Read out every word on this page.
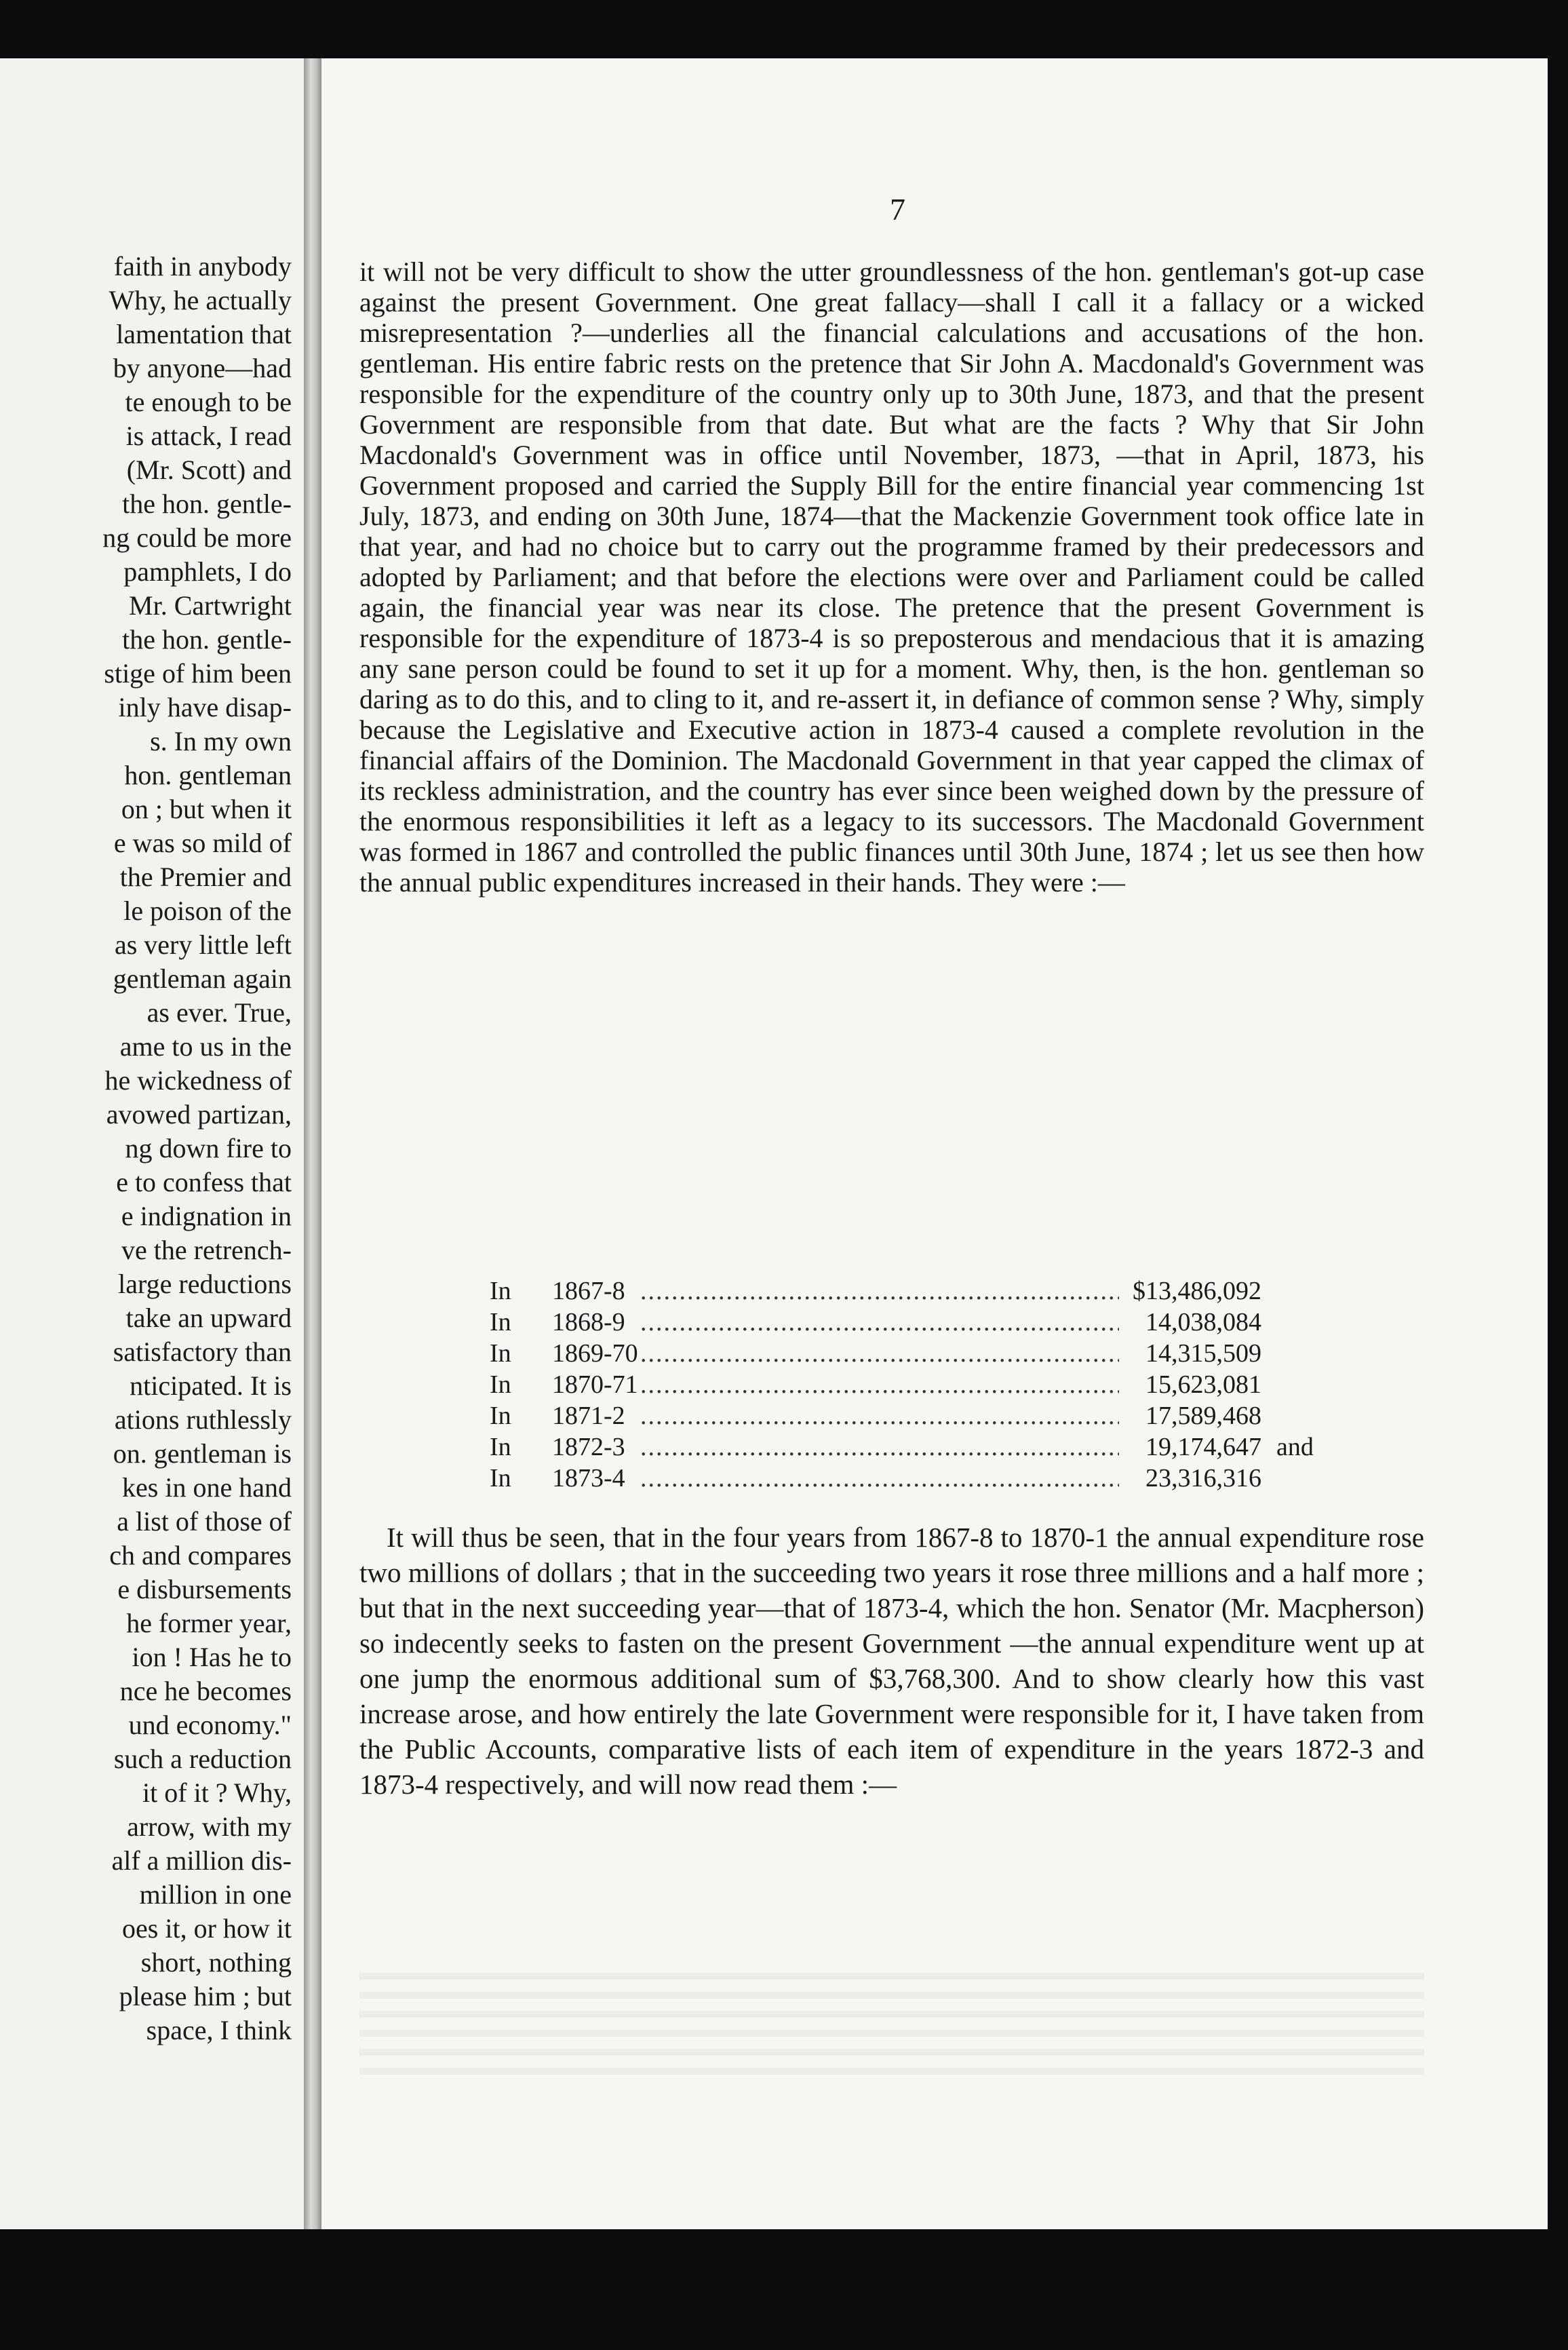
faith in anybody
Why, he actually
lamentation that
by anyone—had
te enough to be
is attack, I read
(Mr. Scott) and
the hon. gentle-
ng could be more
pamphlets, I do
Mr. Cartwright
the hon. gentle-
stige of him been
inly have disap-
s. In my own
hon. gentleman
on ; but when it
e was so mild of
the Premier and
le poison of the
as very little left
gentleman again
as ever. True,
ame to us in the
he wickedness of
avowed partizan,
ng down fire to
e to confess that
e indignation in
ve the retrench-
large reductions
take an upward
satisfactory than
nticipated. It is
ations ruthlessly
on. gentleman is
kes in one hand
a list of those of
ch and compares
e disbursements
he former year,
ion ! Has he to
nce he becomes
und economy."
such a reduction
it of it ? Why,
arrow, with my
alf a million dis-
million in one
oes it, or how it
short, nothing
please him ; but
space, I think
7

it will not be very difficult to show the utter groundlessness of the hon. gentleman's got-up case against the present Government. One great fallacy—shall I call it a fallacy or a wicked misrepresentation ?—underlies all the financial calculations and accusations of the hon. gentleman. His entire fabric rests on the pretence that Sir John A. Macdonald's Government was responsible for the expenditure of the country only up to 30th June, 1873, and that the present Government are responsible from that date. But what are the facts ? Why that Sir John Macdonald's Government was in office until November, 1873, —that in April, 1873, his Government proposed and carried the Supply Bill for the entire financial year commencing 1st July, 1873, and ending on 30th June, 1874—that the Mackenzie Government took office late in that year, and had no choice but to carry out the programme framed by their predecessors and adopted by Parliament; and that before the elections were over and Parliament could be called again, the financial year was near its close. The pretence that the present Government is responsible for the expenditure of 1873-4 is so preposterous and mendacious that it is amazing any sane person could be found to set it up for a moment. Why, then, is the hon. gentleman so daring as to do this, and to cling to it, and re-assert it, in defiance of common sense ? Why, simply because the Legislative and Executive action in 1873-4 caused a complete revolution in the financial affairs of the Dominion. The Macdonald Government in that year capped the climax of its reckless administration, and the country has ever since been weighed down by the pressure of the enormous responsibilities it left as a legacy to its successors. The Macdonald Government was formed in 1867 and controlled the public finances until 30th June, 1874 ; let us see then how the annual public expenditures increased in their hands. They were :—

In	1867-8 .....	$13,486,092
In	1868-9 .....	14,038,084
In	1869-70 .....	14,315,509
In	1870-71 .....	15,623,081
In	1871-2 .....	17,589,468
In	1872-3 .....	19,174,647 and
In	1873-4 .....	23,316,316

It will thus be seen, that in the four years from 1867-8 to 1870-1 the annual expenditure rose two millions of dollars ; that in the succeeding two years it rose three millions and a half more ; but that in the next succeeding year—that of 1873-4, which the hon. Senator (Mr. Macpherson) so indecently seeks to fasten on the present Government —the annual expenditure went up at one jump the enormous additional sum of $3,768,300. And to show clearly how this vast increase arose, and how entirely the late Government were responsible for it, I have taken from the Public Accounts, comparative lists of each item of expenditure in the years 1872-3 and 1873-4 respectively, and will now read them :—
